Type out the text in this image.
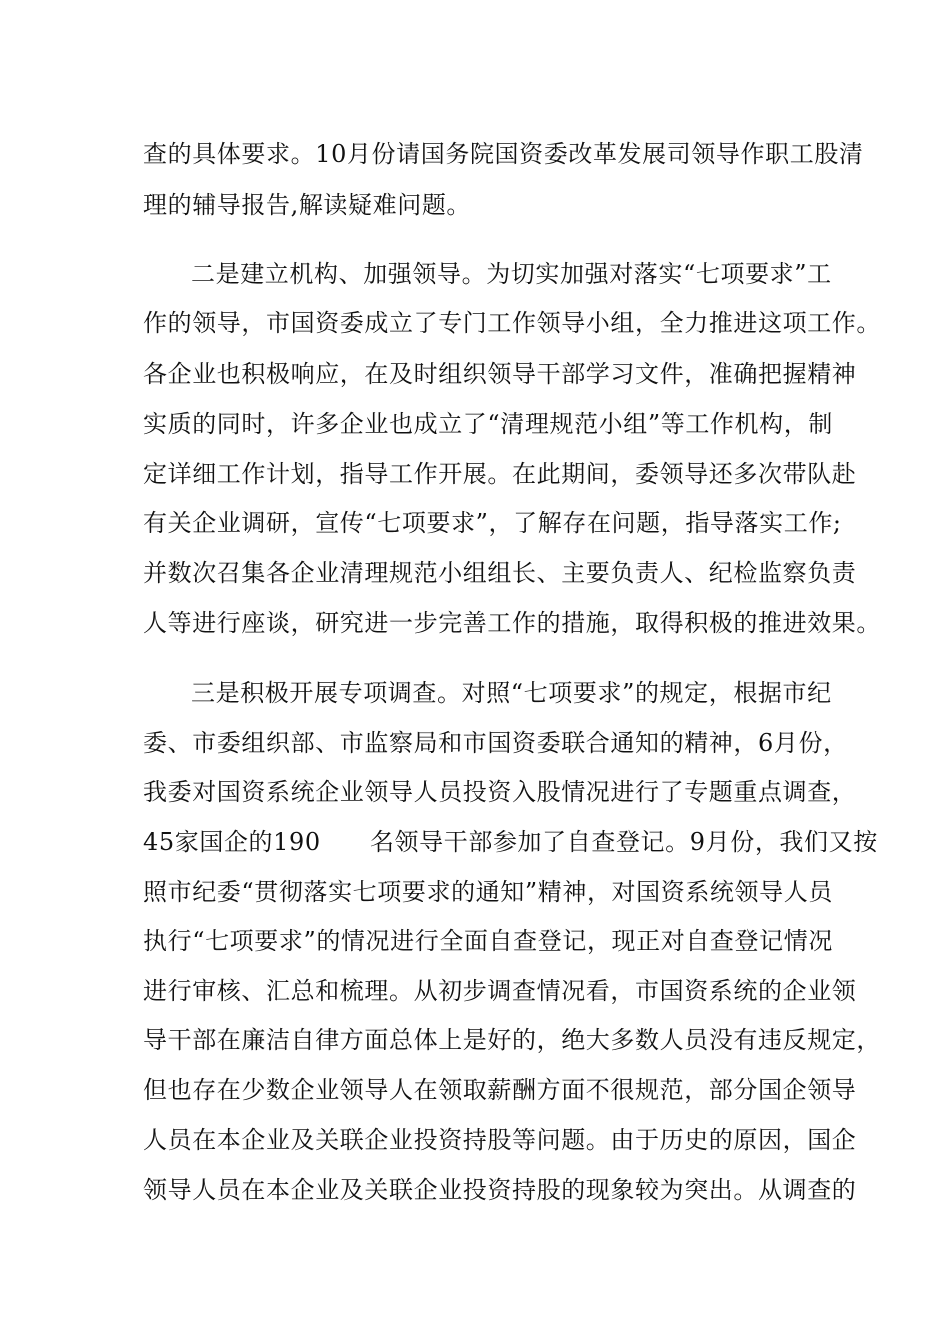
查的具体要求。10月份请国务院国资委改革发展司领导作职工股清
理的辅导报告,解读疑难问题。
二是建立机构、加强领导。为切实加强对落实“七项要求”工
作的领导，市国资委成立了专门工作领导小组，全力推进这项工作。
各企业也积极响应，在及时组织领导干部学习文件，准确把握精神
实质的同时，许多企业也成立了“清理规范小组”等工作机构，制
定详细工作计划，指导工作开展。在此期间，委领导还多次带队赴
有关企业调研，宣传“七项要求”，了解存在问题，指导落实工作;
并数次召集各企业清理规范小组组长、主要负责人、纪检监察负责
人等进行座谈，研究进一步完善工作的措施，取得积极的推进效果。
三是积极开展专项调查。对照“七项要求”的规定，根据市纪
委、市委组织部、市监察局和市国资委联合通知的精神，6月份，
我委对国资系统企业领导人员投资入股情况进行了专题重点调查，
45家国企的190　　名领导干部参加了自查登记。9月份，我们又按
照市纪委“贯彻落实七项要求的通知”精神，对国资系统领导人员
执行“七项要求”的情况进行全面自查登记，现正对自查登记情况
进行审核、汇总和梳理。从初步调查情况看，市国资系统的企业领
导干部在廉洁自律方面总体上是好的，绝大多数人员没有违反规定，
但也存在少数企业领导人在领取薪酬方面不很规范，部分国企领导
人员在本企业及关联企业投资持股等问题。由于历史的原因，国企
领导人员在本企业及关联企业投资持股的现象较为突出。从调查的
